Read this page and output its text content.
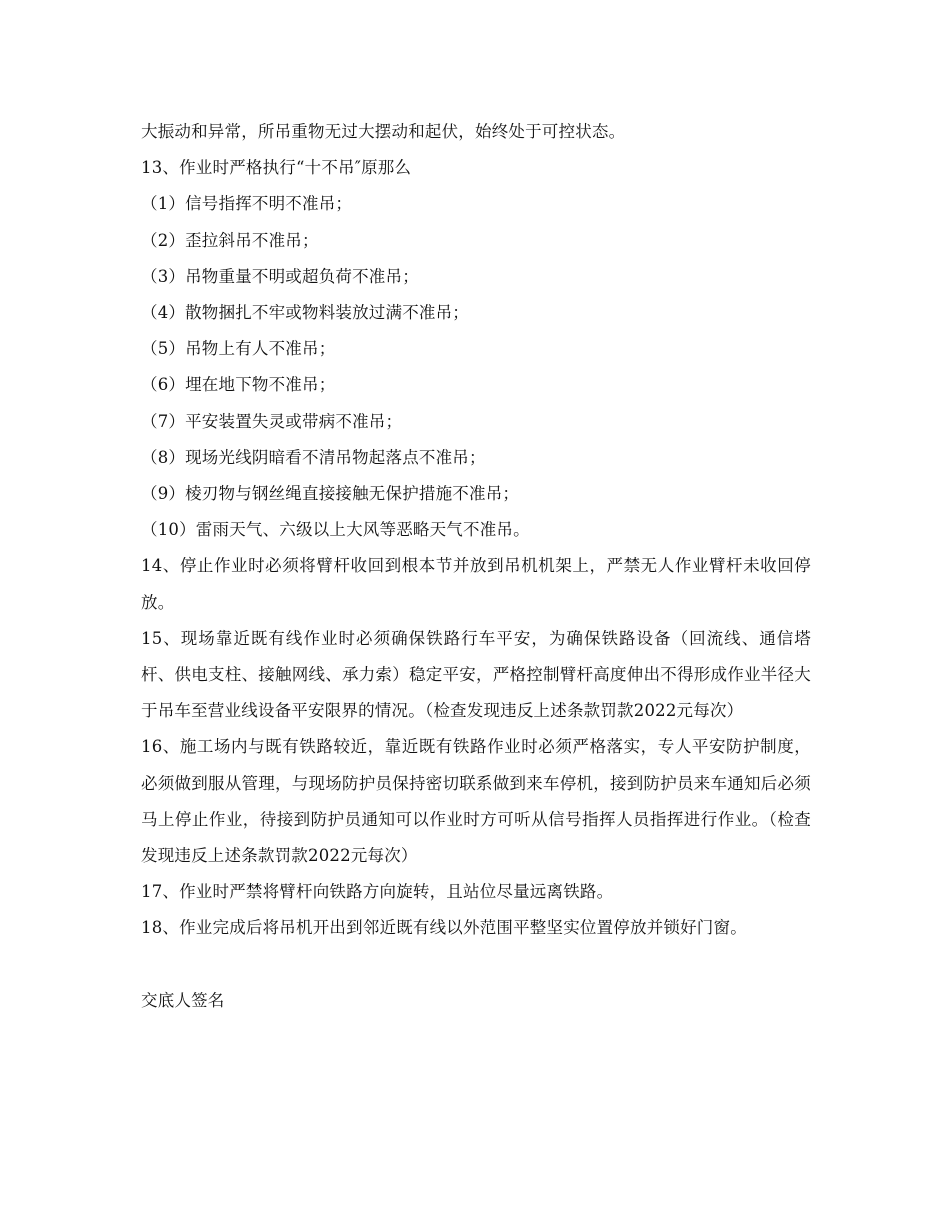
大振动和异常，所吊重物无过大摆动和起伏，始终处于可控状态。

13、作业时严格执行“十不吊″原那么

（1）信号指挥不明不准吊；

（2）歪拉斜吊不准吊；

（3）吊物重量不明或超负荷不准吊；

（4）散物捆扎不牢或物料装放过满不准吊；

（5）吊物上有人不准吊；

（6）埋在地下物不准吊；

（7）平安装置失灵或带病不准吊；

（8）现场光线阴暗看不清吊物起落点不准吊；

（9）棱刃物与钢丝绳直接接触无保护措施不准吊；

（10）雷雨天气、六级以上大风等恶略天气不准吊。

14、停止作业时必须将臂杆收回到根本节并放到吊机机架上，严禁无人作业臂杆未收回停放。

15、现场靠近既有线作业时必须确保铁路行车平安，为确保铁路设备（回流线、通信塔杆、供电支柱、接触网线、承力索）稳定平安，严格控制臂杆高度伸出不得形成作业半径大于吊车至营业线设备平安限界的情况。（检查发现违反上述条款罚款2022元每次）

16、施工场内与既有铁路较近，靠近既有铁路作业时必须严格落实，专人平安防护制度，必须做到服从管理，与现场防护员保持密切联系做到来车停机，接到防护员来车通知后必须马上停止作业，待接到防护员通知可以作业时方可听从信号指挥人员指挥进行作业。（检查发现违反上述条款罚款2022元每次）

17、作业时严禁将臂杆向铁路方向旋转，且站位尽量远离铁路。

18、作业完成后将吊机开出到邻近既有线以外范围平整坚实位置停放并锁好门窗。

交底人签名
